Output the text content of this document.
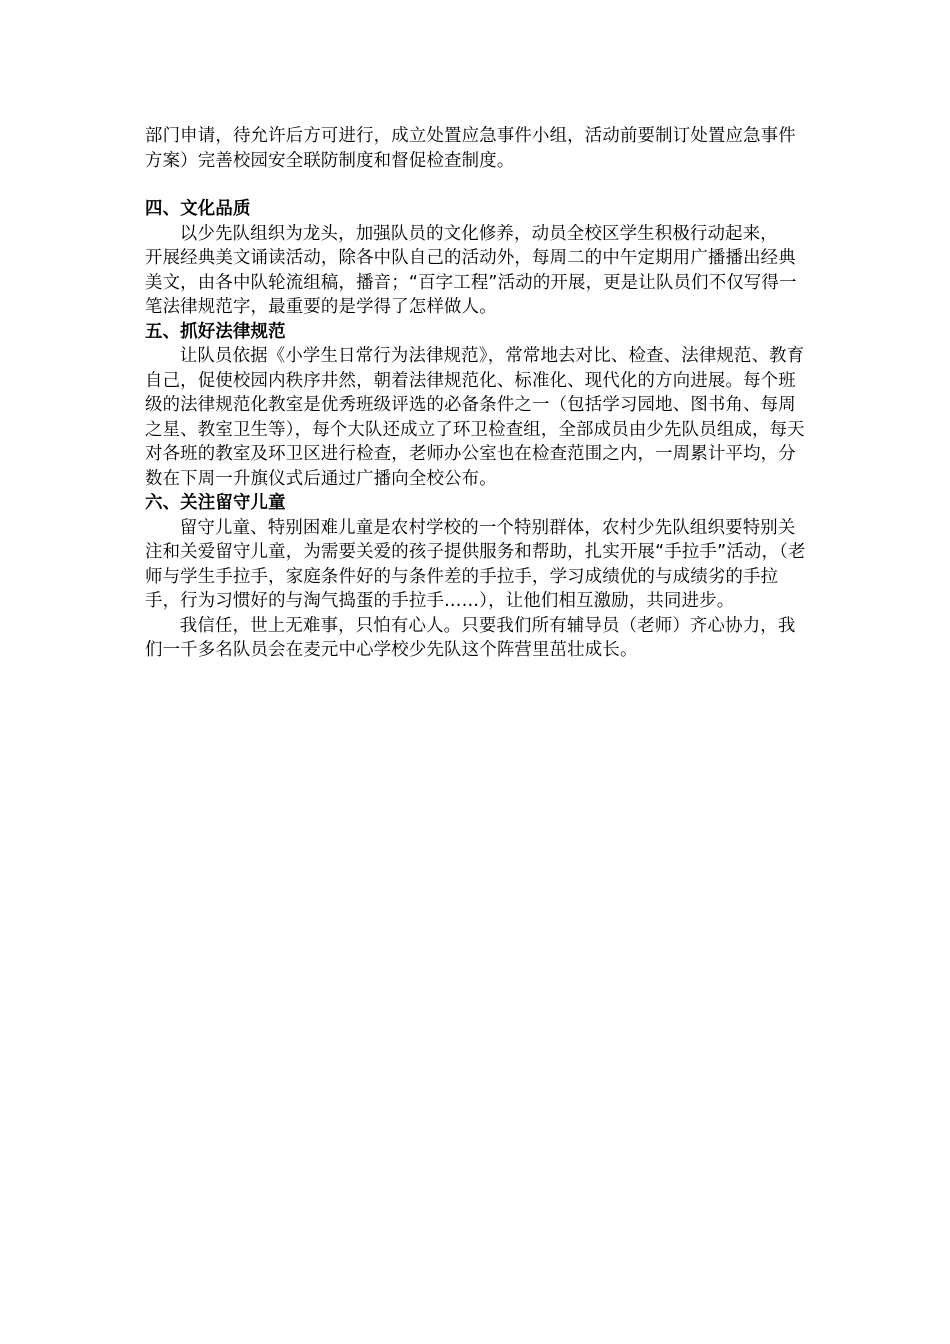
部门申请，待允许后方可进行，成立处置应急事件小组，活动前要制订处置应急事件方案）完善校园安全联防制度和督促检查制度。

四、文化品质

以少先队组织为龙头，加强队员的文化修养，动员全校区学生积极行动起来，

开展经典美文诵读活动，除各中队自己的活动外，每周二的中午定期用广播播出经典美文，由各中队轮流组稿，播音；“百字工程”活动的开展，更是让队员们不仅写得一笔法律规范字，最重要的是学得了怎样做人。

五、抓好法律规范

让队员依据《小学生日常行为法律规范》，常常地去对比、检查、法律规范、教育自己，促使校园内秩序井然，朝着法律规范化、标准化、现代化的方向进展。每个班级的法律规范化教室是优秀班级评选的必备条件之一（包括学习园地、图书角、每周之星、教室卫生等），每个大队还成立了环卫检查组，全部成员由少先队员组成，每天对各班的教室及环卫区进行检查，老师办公室也在检查范围之内，一周累计平均，分数在下周一升旗仪式后通过广播向全校公布。

六、关注留守儿童

留守儿童、特别困难儿童是农村学校的一个特别群体，农村少先队组织要特别关注和关爱留守儿童，为需要关爱的孩子提供服务和帮助，扎实开展“手拉手”活动，（老师与学生手拉手，家庭条件好的与条件差的手拉手，学习成绩优的与成绩劣的手拉手，行为习惯好的与淘气捣蛋的手拉手……），让他们相互激励，共同进步。

我信任，世上无难事，只怕有心人。只要我们所有辅导员（老师）齐心协力，我们一千多名队员会在麦元中心学校少先队这个阵营里茁壮成长。
